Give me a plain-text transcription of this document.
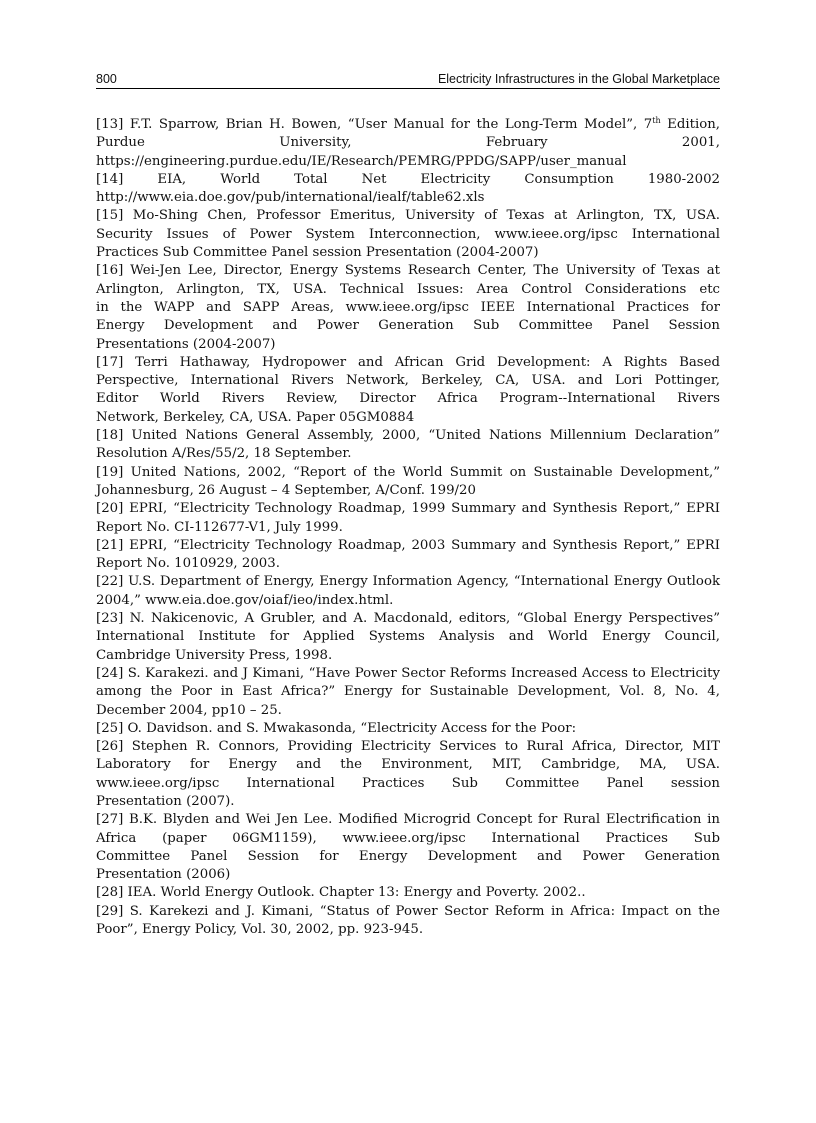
800	Electricity Infrastructures in the Global Marketplace
[13] F.T. Sparrow, Brian H. Bowen, “User Manual for the Long-Term Model”, 7th Edition,
Purdue University, February 2001,
https://engineering.purdue.edu/IE/Research/PEMRG/PPDG/SAPP/user_manual
[14] EIA, World Total Net Electricity Consumption 1980-2002
http://www.eia.doe.gov/pub/international/iealf/table62.xls
[15] Mo-Shing Chen, Professor Emeritus, University of Texas at Arlington, TX, USA.
Security Issues of Power System Interconnection, www.ieee.org/ipsc International
Practices Sub Committee Panel session Presentation (2004-2007)
[16] Wei-Jen Lee, Director, Energy Systems Research Center, The University of Texas at
Arlington, Arlington, TX, USA. Technical Issues: Area Control Considerations etc
in the WAPP and SAPP Areas, www.ieee.org/ipsc IEEE International Practices for
Energy Development and Power Generation Sub Committee Panel Session
Presentations (2004-2007)
[17] Terri Hathaway, Hydropower and African Grid Development: A Rights Based
Perspective, International Rivers Network, Berkeley, CA, USA. and Lori Pottinger,
Editor World Rivers Review, Director Africa Program--International Rivers
Network, Berkeley, CA, USA. Paper 05GM0884
[18] United Nations General Assembly, 2000, “United Nations Millennium Declaration”
Resolution A/Res/55/2, 18 September.
[19] United Nations, 2002, “Report of the World Summit on Sustainable Development,”
Johannesburg, 26 August – 4 September, A/Conf. 199/20
[20] EPRI, “Electricity Technology Roadmap, 1999 Summary and Synthesis Report,” EPRI
Report No. CI-112677-V1, July 1999.
[21] EPRI, “Electricity Technology Roadmap, 2003 Summary and Synthesis Report,” EPRI
Report No. 1010929, 2003.
[22] U.S. Department of Energy, Energy Information Agency, “International Energy Outlook
2004,” www.eia.doe.gov/oiaf/ieo/index.html.
[23] N. Nakicenovic, A Grubler, and A. Macdonald, editors, “Global Energy Perspectives”
International Institute for Applied Systems Analysis and World Energy Council,
Cambridge University Press, 1998.
[24] S. Karakezi. and J Kimani, “Have Power Sector Reforms Increased Access to Electricity
among the Poor in East Africa?” Energy for Sustainable Development, Vol. 8, No. 4,
December 2004, pp10 – 25.
[25] O. Davidson. and S. Mwakasonda, “Electricity Access for the Poor:
[26] Stephen R. Connors, Providing Electricity Services to Rural Africa, Director, MIT
Laboratory for Energy and the Environment, MIT, Cambridge, MA, USA.
www.ieee.org/ipsc International Practices Sub Committee Panel session
Presentation (2007).
[27] B.K. Blyden and Wei Jen Lee. Modified Microgrid Concept for Rural Electrification in
Africa (paper 06GM1159), www.ieee.org/ipsc International Practices Sub
Committee Panel Session for Energy Development and Power Generation
Presentation (2006)
[28] IEA. World Energy Outlook. Chapter 13: Energy and Poverty. 2002..
[29] S. Karekezi and J. Kimani, “Status of Power Sector Reform in Africa: Impact on the
Poor”, Energy Policy, Vol. 30, 2002, pp. 923-945.
